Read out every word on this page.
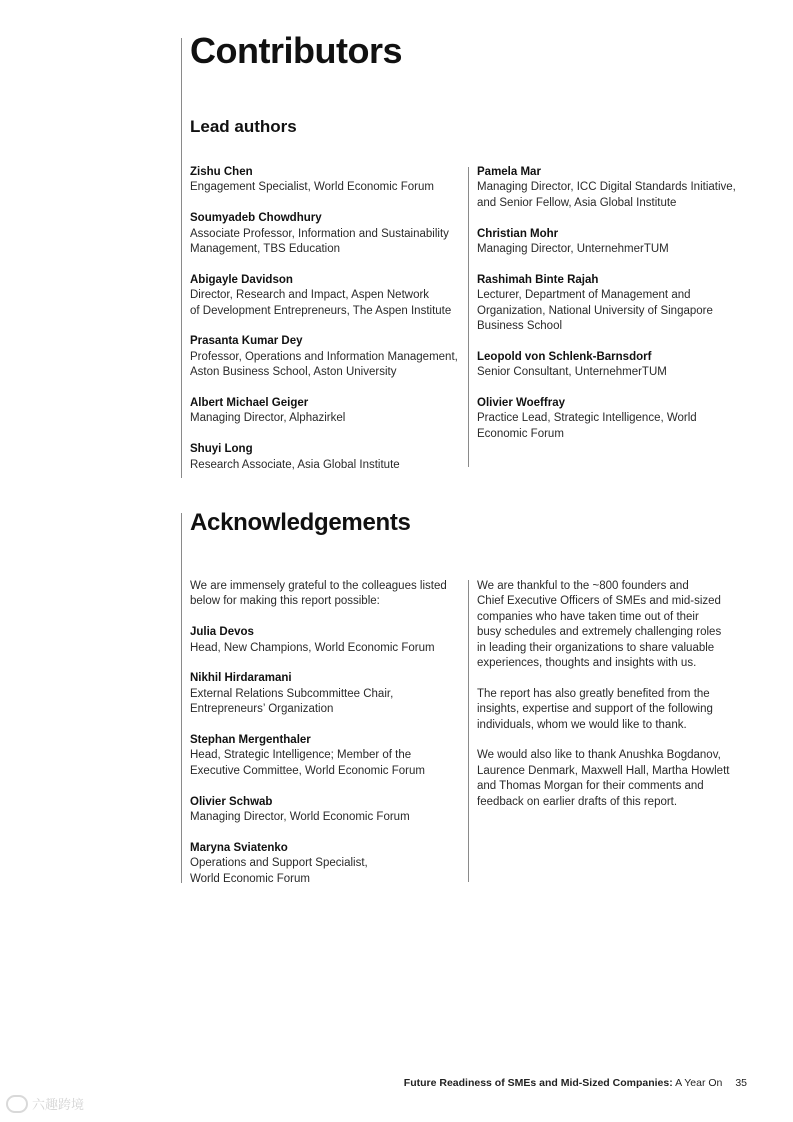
Contributors
Lead authors
Zishu Chen
Engagement Specialist, World Economic Forum
Soumyadeb Chowdhury
Associate Professor, Information and Sustainability
Management, TBS Education
Abigayle Davidson
Director, Research and Impact, Aspen Network
of Development Entrepreneurs, The Aspen Institute
Prasanta Kumar Dey
Professor, Operations and Information Management,
Aston Business School, Aston University
Albert Michael Geiger
Managing Director, Alphazirkel
Shuyi Long
Research Associate, Asia Global Institute
Pamela Mar
Managing Director, ICC Digital Standards Initiative,
and Senior Fellow, Asia Global Institute
Christian Mohr
Managing Director, UnternehmerTUM
Rashimah Binte Rajah
Lecturer, Department of Management and
Organization, National University of Singapore
Business School
Leopold von Schlenk-Barnsdorf
Senior Consultant, UnternehmerTUM
Olivier Woeffray
Practice Lead, Strategic Intelligence, World
Economic Forum
Acknowledgements
We are immensely grateful to the colleagues listed
below for making this report possible:
Julia Devos
Head, New Champions, World Economic Forum
Nikhil Hirdaramani
External Relations Subcommittee Chair,
Entrepreneurs’ Organization
Stephan Mergenthaler
Head, Strategic Intelligence; Member of the
Executive Committee, World Economic Forum
Olivier Schwab
Managing Director, World Economic Forum
Maryna Sviatenko
Operations and Support Specialist,
World Economic Forum
We are thankful to the ~800 founders and
Chief Executive Officers of SMEs and mid-sized
companies who have taken time out of their
busy schedules and extremely challenging roles
in leading their organizations to share valuable
experiences, thoughts and insights with us.
The report has also greatly benefited from the
insights, expertise and support of the following
individuals, whom we would like to thank.
We would also like to thank Anushka Bogdanov,
Laurence Denmark, Maxwell Hall, Martha Howlett
and Thomas Morgan for their comments and
feedback on earlier drafts of this report.
Future Readiness of SMEs and Mid-Sized Companies: A Year On 35
六趣跨境
